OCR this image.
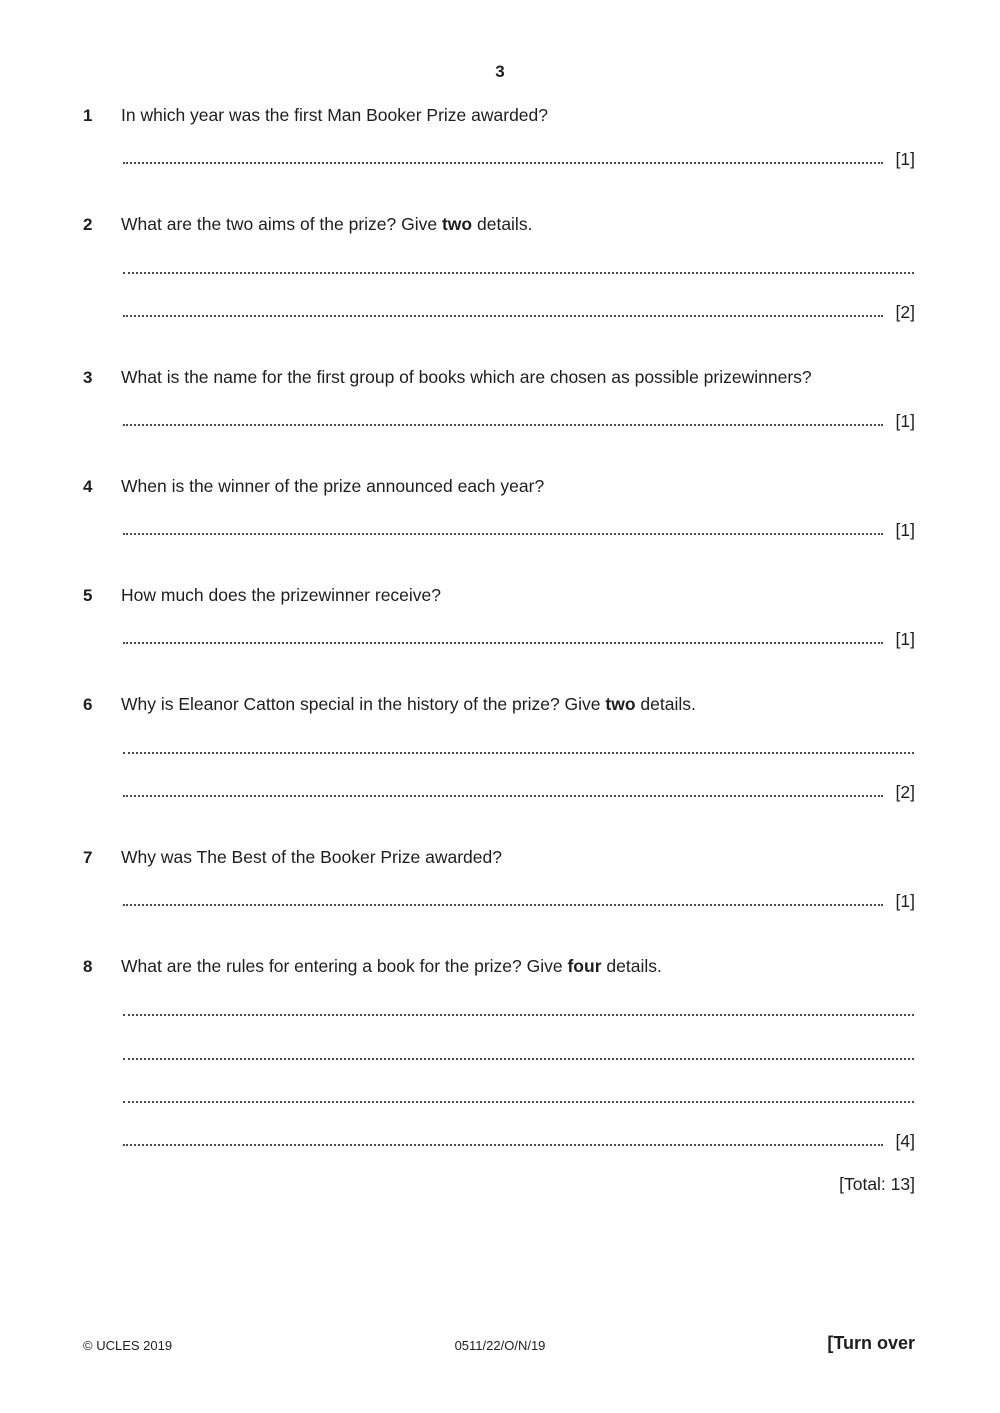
3
1 In which year was the first Man Booker Prize awarded?
[1]
2 What are the two aims of the prize? Give two details.
[2]
3 What is the name for the first group of books which are chosen as possible prizewinners?
[1]
4 When is the winner of the prize announced each year?
[1]
5 How much does the prizewinner receive?
[1]
6 Why is Eleanor Catton special in the history of the prize? Give two details.
[2]
7 Why was The Best of the Booker Prize awarded?
[1]
8 What are the rules for entering a book for the prize? Give four details.
[4]
[Total: 13]
© UCLES 2019	0511/22/O/N/19	[Turn over
